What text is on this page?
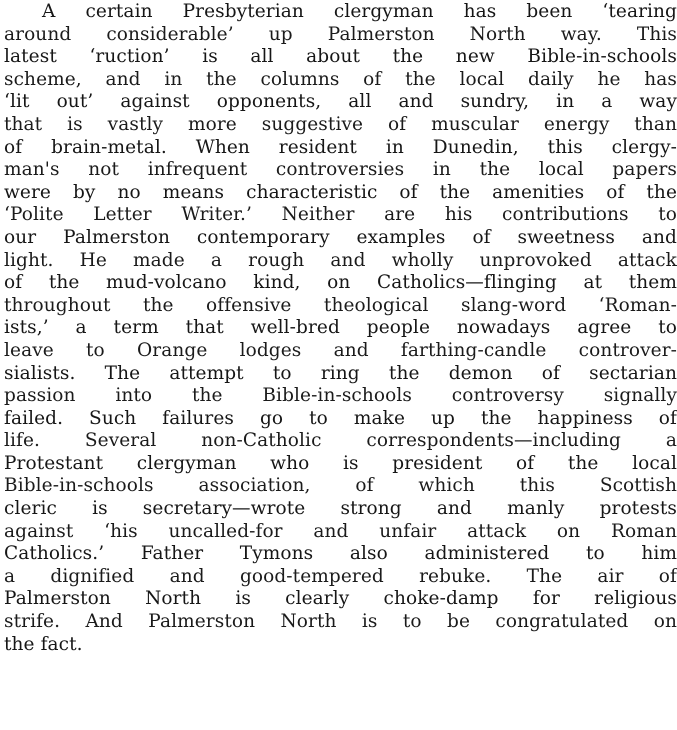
A certain Presbyterian clergyman has been ‘tearing
around considerable’ up Palmerston North way. This
latest ‘ruction’ is all about the new Bible-in-schools
scheme, and in the columns of the local daily he has
‘lit out’ against opponents, all and sundry, in a way
that is vastly more suggestive of muscular energy than
of brain-metal. When resident in Dunedin, this clergy-
man's not infrequent controversies in the local papers
were by no means characteristic of the amenities of the
‘Polite Letter Writer.’ Neither are his contributions to
our Palmerston contemporary examples of sweetness and
light. He made a rough and wholly unprovoked attack
of the mud-volcano kind, on Catholics—flinging at them
throughout the offensive theological slang-word ‘Roman-
ists,’ a term that well-bred people nowadays agree to
leave to Orange lodges and farthing-candle controver-
sialists. The attempt to ring the demon of sectarian
passion into the Bible-in-schools controversy signally
failed. Such failures go to make up the happiness of
life. Several non-Catholic correspondents—including a
Protestant clergyman who is president of the local
Bible-in-schools association, of which this Scottish
cleric is secretary—wrote strong and manly protests
against ‘his uncalled-for and unfair attack on Roman
Catholics.’ Father Tymons also administered to him
a dignified and good-tempered rebuke. The air of
Palmerston North is clearly choke-damp for religious
strife. And Palmerston North is to be congratulated on
the fact.
